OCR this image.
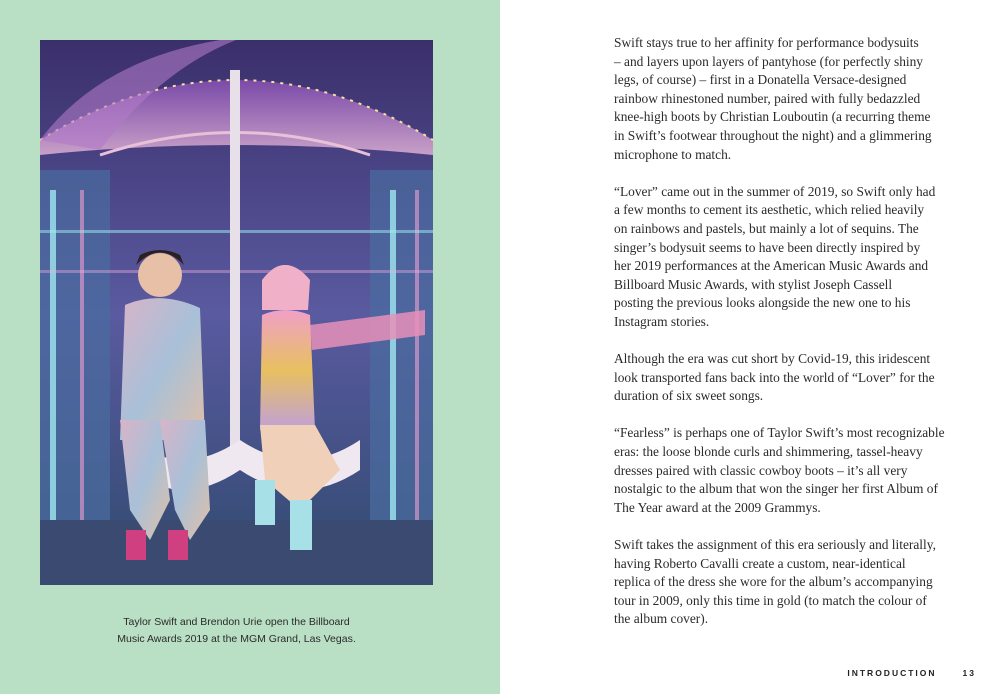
Taylor Swift and Brendon Urie open the Billboard

Music Awards 2019 at the MGM Grand, Las Vegas.

Swift stays true to her affinity for performance bodysuits
– and layers upon layers of pantyhose (for perfectly shiny
legs, of course) – first in a Donatella Versace-designed
rainbow rhinestoned number, paired with fully bedazzled
knee-high boots by Christian Louboutin (a recurring theme
in Swift’s footwear throughout the night) and a glimmering
microphone to match.

“Lover” came out in the summer of 2019, so Swift only had
a few months to cement its aesthetic, which relied heavily
on rainbows and pastels, but mainly a lot of sequins. The
singer’s bodysuit seems to have been directly inspired by
her 2019 performances at the American Music Awards and
Billboard Music Awards, with stylist Joseph Cassell
posting the previous looks alongside the new one to his
Instagram stories.

Although the era was cut short by Covid-19, this iridescent
look transported fans back into the world of “Lover” for the
duration of six sweet songs.

“Fearless” is perhaps one of Taylor Swift’s most recognizable
eras: the loose blonde curls and shimmering, tassel-heavy
dresses paired with classic cowboy boots – it’s all very
nostalgic to the album that won the singer her first Album of
The Year award at the 2009 Grammys.

Swift takes the assignment of this era seriously and literally,
having Roberto Cavalli create a custom, near-identical
replica of the dress she wore for the album’s accompanying
tour in 2009, only this time in gold (to match the colour of
the album cover).

INTRODUCTION	13
